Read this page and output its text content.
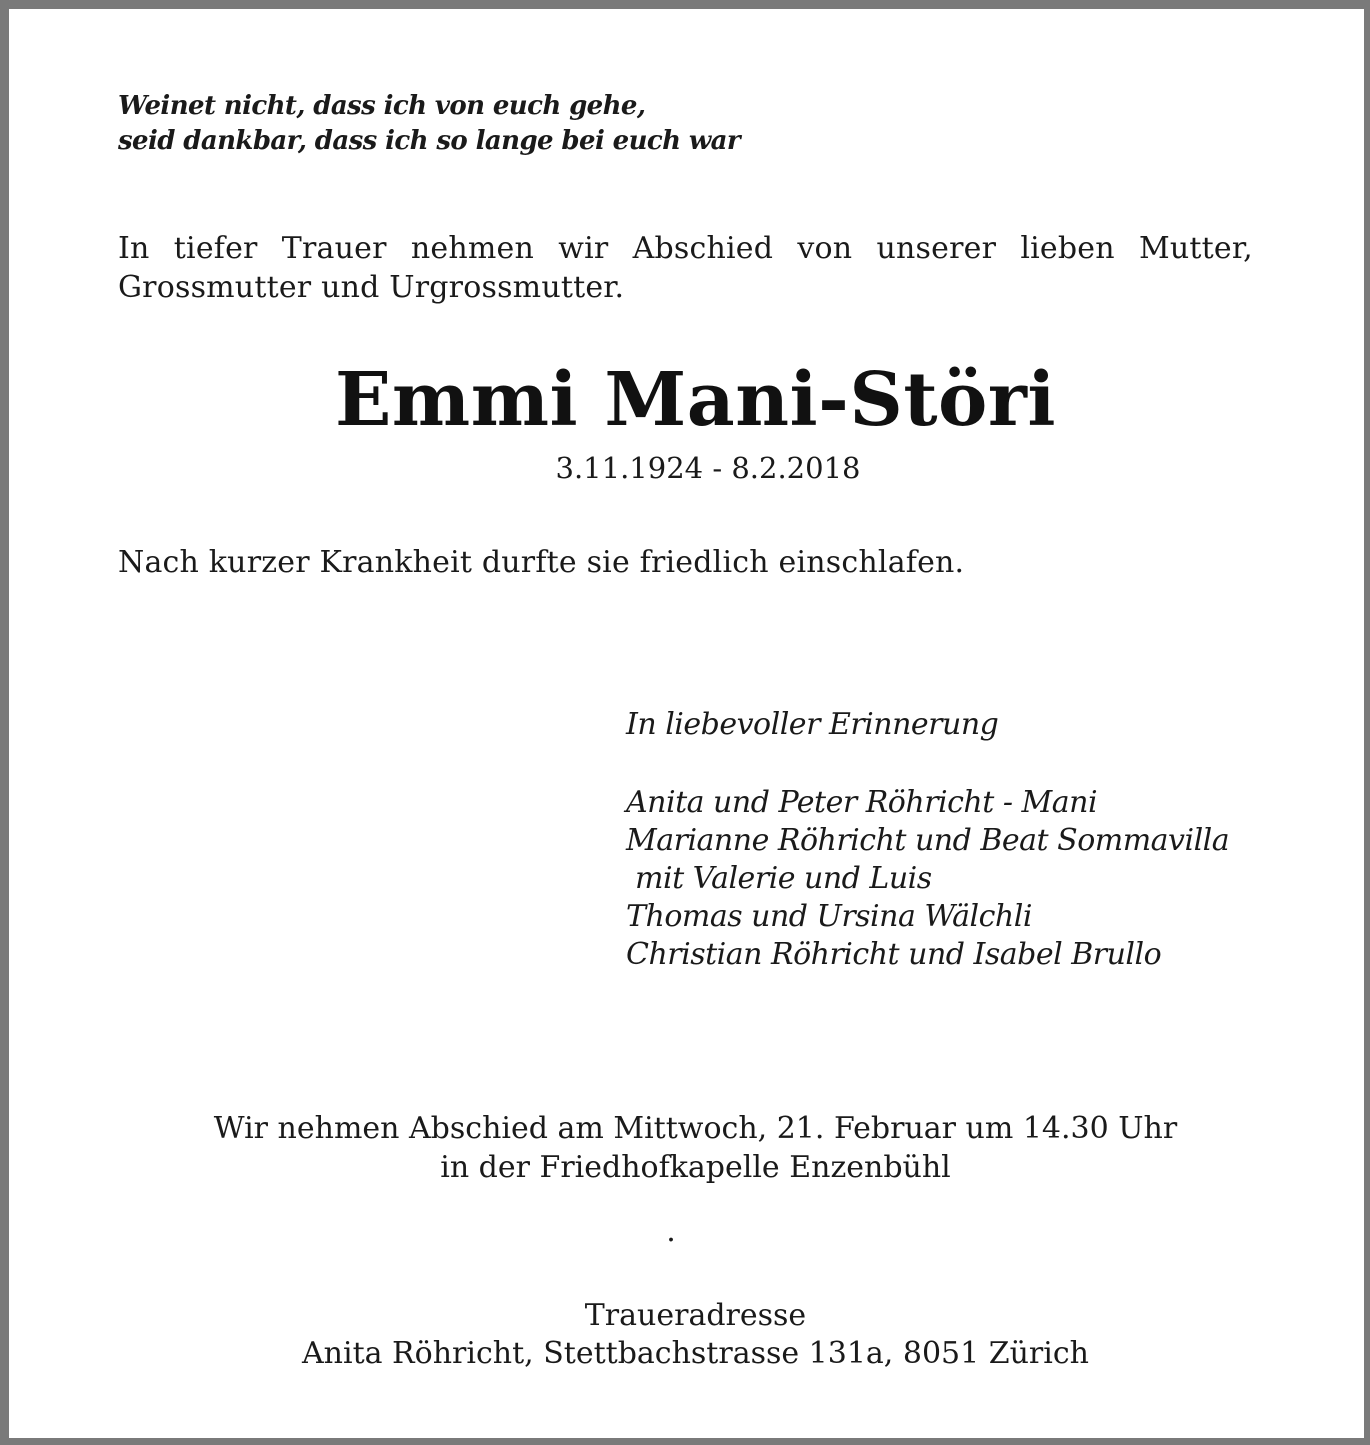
Weinet nicht, dass ich von euch gehe,
seid dankbar, dass ich so lange bei euch war
In tiefer Trauer nehmen wir Abschied von unserer lieben Mutter,
Grossmutter und Urgrossmutter.
Emmi Mani-Störi
3.11.1924 - 8.2.2018
Nach kurzer Krankheit durfte sie friedlich einschlafen.
In liebevoller Erinnerung
Anita und Peter Röhricht - Mani
Marianne Röhricht und Beat Sommavilla
mit Valerie und Luis
Thomas und Ursina Wälchli
Christian Röhricht und Isabel Brullo
Wir nehmen Abschied am Mittwoch, 21. Februar um 14.30 Uhr
in der Friedhofkapelle Enzenbühl
.
Traueradresse
Anita Röhricht, Stettbachstrasse 131a, 8051 Zürich
